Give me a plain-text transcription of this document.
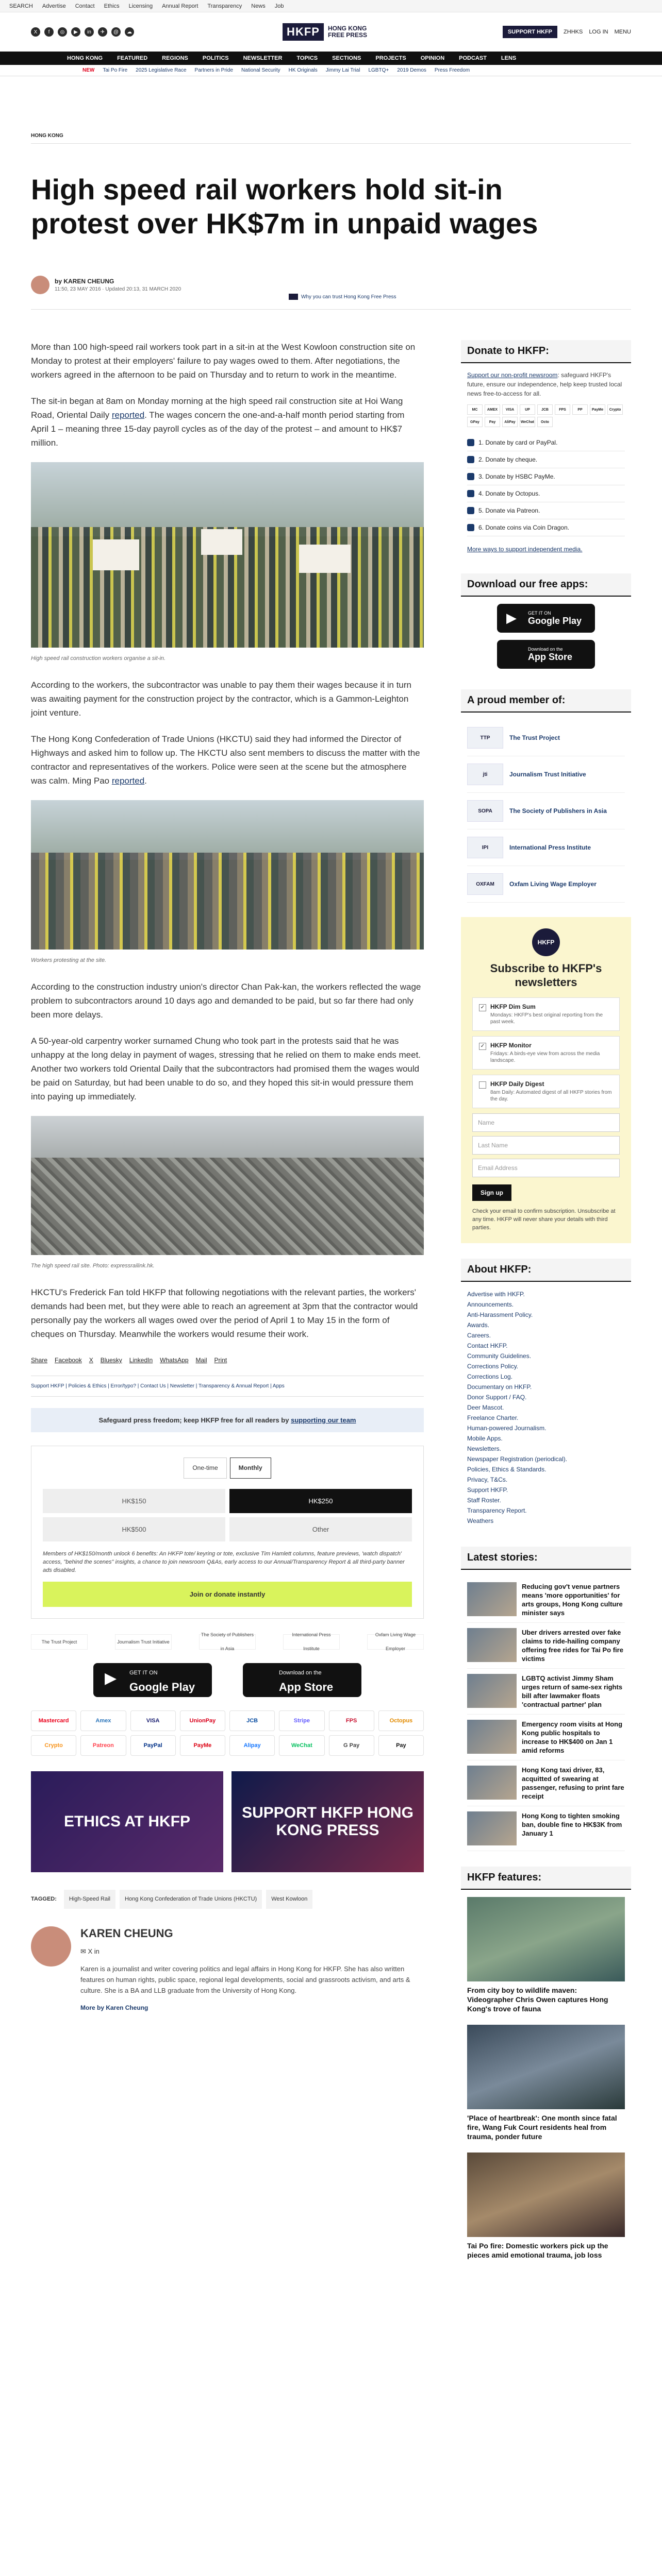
SEARCH Advertise Contact Ethics Licensing Annual Report Transparency News Job
X	f	◎	▶	in	✈	@	☁	HKFP	HONG KONG FREE PRESS	SUPPORT HKFP	ZHHKS LOG IN MENU
HONG KONG	FEATURED	REGIONS	POLITICS	NEWSLETTER	TOPICS	SECTIONS	PROJECTS	OPINION	PODCAST	LENS
NEW Tai Po Fire 2025 Legislative Race Partners in Pride National Security HK Originals Jimmy Lai Trial LGBTQ+ 2019 Demos Press Freedom
HONG KONG
High speed rail workers hold sit-in protest over HK$7m in unpaid wages
by KAREN CHEUNG
11:50, 23 MAY 2016 · Updated 20:13, 31 MARCH 2020
Why you can trust Hong Kong Free Press

More than 100 high-speed rail workers took part in a sit-in at the West Kowloon construction site on Monday to protest at their employers' failure to pay wages owed to them. After negotiations, the workers agreed in the afternoon to be paid on Thursday and to return to work in the meantime.

The sit-in began at 8am on Monday morning at the high speed rail construction site at Hoi Wang Road, Oriental Daily reported. The wages concern the one-and-a-half month period starting from April 1 – meaning three 15-day payroll cycles as of the day of the protest – and amount to HK$7 million.

High speed rail construction workers organise a sit-in.

According to the workers, the subcontractor was unable to pay them their wages because it in turn was awaiting payment for the construction project by the contractor, which is a Gammon-Leighton joint venture.

The Hong Kong Confederation of Trade Unions (HKCTU) said they had informed the Director of Highways and asked him to follow up. The HKCTU also sent members to discuss the matter with the contractor and representatives of the workers. Police were seen at the scene but the atmosphere was calm. Ming Pao reported.

Workers protesting at the site.

According to the construction industry union's director Chan Pak-kan, the workers reflected the wage problem to subcontractors around 10 days ago and demanded to be paid, but so far there had only been more delays.

A 50-year-old carpentry worker surnamed Chung who took part in the protests said that he was unhappy at the long delay in payment of wages, stressing that he relied on them to make ends meet. Another two workers told Oriental Daily that the subcontractors had promised them the wages would be paid on Saturday, but had been unable to do so, and they hoped this sit-in would pressure them into paying up immediately.

The high speed rail site. Photo: expressrailink.hk.

HKCTU's Frederick Fan told HKFP that following negotiations with the relevant parties, the workers' demands had been met, but they were able to reach an agreement at 3pm that the contractor would personally pay the workers all wages owed over the period of April 1 to May 15 in the form of cheques on Thursday. Meanwhile the workers would resume their work.

Share Facebook X Bluesky LinkedIn WhatsApp Mail Print
Support HKFP | Policies & Ethics | Error/typo? | Contact Us | Newsletter | Transparency & Annual Report | Apps
Safeguard press freedom; keep HKFP free for all readers by supporting our team
One-time	Monthly
HK$150	HK$250
HK$500	Other
Members of HK$150/month unlock 6 benefits: An HKFP tote/ keyring or tote, exclusive Tim Hamlett columns, feature previews, 'watch dispatch' access, "behind the scenes" insights, a chance to join newsroom Q&As, early access to our Annual/Transparency Report & all third-party banner ads disabled.
Join or donate instantly
The Trust Project	Journalism Trust Initiative
The Society of Publishers in Asia
International Press Institute
Oxfam Living Wage Employer
▶ GET IT ON
Google Play
Download on the
App Store
Mastercard	Amex	VISA	UnionPay	JCB	Stripe	FPS	Octopus
Crypto	Patreon	PayPal	PayMe	Alipay	WeChat	G Pay	Pay
ETHICS AT HKFP
SUPPORT HKFP HONG KONG PRESS
TAGGED:	High-Speed Rail	Hong Kong Confederation of Trade Unions (HKCTU)	West Kowloon
KAREN CHEUNG
✉ X in

Karen is a journalist and writer covering politics and legal affairs in Hong Kong for HKFP. She has also written features on human rights, public space, regional legal developments, social and grassroots activism, and arts & culture. She is a BA and LLB graduate from the University of Hong Kong.

More by Karen Cheung
Donate to HKFP:
Support our non-profit newsroom: safeguard HKFP's future, ensure our independence, help keep trusted local news free-to-access for all.
MC	AMEX	VISA	UP	JCB	FPS	PP	PayMe	Crypto
GPay	Pay	AliPay	WeChat	Octo
1. Donate by card or PayPal.
2. Donate by cheque.
3. Donate by HSBC PayMe.
4. Donate by Octopus.
5. Donate via Patreon.
6. Donate coins via Coin Dragon.
More ways to support independent media.
Download our free apps:
▶ GET IT ON
Google Play
Download on the
App Store
A proud member of:
TTP	The Trust Project
jti	Journalism Trust Initiative
SOPA	The Society of Publishers in Asia
IPI	International Press Institute
OXFAM	Oxfam Living Wage Employer
HKFP
Subscribe to HKFP's newsletters
✓ HKFP Dim Sum
Mondays: HKFP's best original reporting from the past week.
✓ HKFP Monitor
Fridays: A birds-eye view from across the media landscape.
HKFP Daily Digest
8am Daily: Automated digest of all HKFP stories from the day.
Name
Last Name
Email Address
Sign up
Check your email to confirm subscription. Unsubscribe at any time. HKFP will never share your details with third parties.
About HKFP:
Advertise with HKFP.
Announcements.
Anti-Harassment Policy.
Awards.
Careers.
Contact HKFP.
Community Guidelines.
Corrections Policy.
Corrections Log.
Documentary on HKFP.
Donor Support / FAQ.
Deer Mascot.
Freelance Charter.
Human-powered Journalism.
Mobile Apps.
Newsletters.
Newspaper Registration (periodical).
Policies, Ethics & Standards.
Privacy, T&Cs.
Support HKFP.
Staff Roster.
Transparency Report.
Weathers
Latest stories:
Reducing gov't venue partners means 'more opportunities' for arts groups, Hong Kong culture minister says
Uber drivers arrested over fake claims to ride-hailing company offering free rides for Tai Po fire victims
LGBTQ activist Jimmy Sham urges return of same-sex rights bill after lawmaker floats 'contractual partner' plan
Emergency room visits at Hong Kong public hospitals to increase to HK$400 on Jan 1 amid reforms
Hong Kong taxi driver, 83, acquitted of swearing at passenger, refusing to print fare receipt
Hong Kong to tighten smoking ban, double fine to HK$3K from January 1
HKFP features:
From city boy to wildlife maven: Videographer Chris Owen captures Hong Kong's trove of fauna
'Place of heartbreak': One month since fatal fire, Wang Fuk Court residents heal from trauma, ponder future
Tai Po fire: Domestic workers pick up the pieces amid emotional trauma, job loss
